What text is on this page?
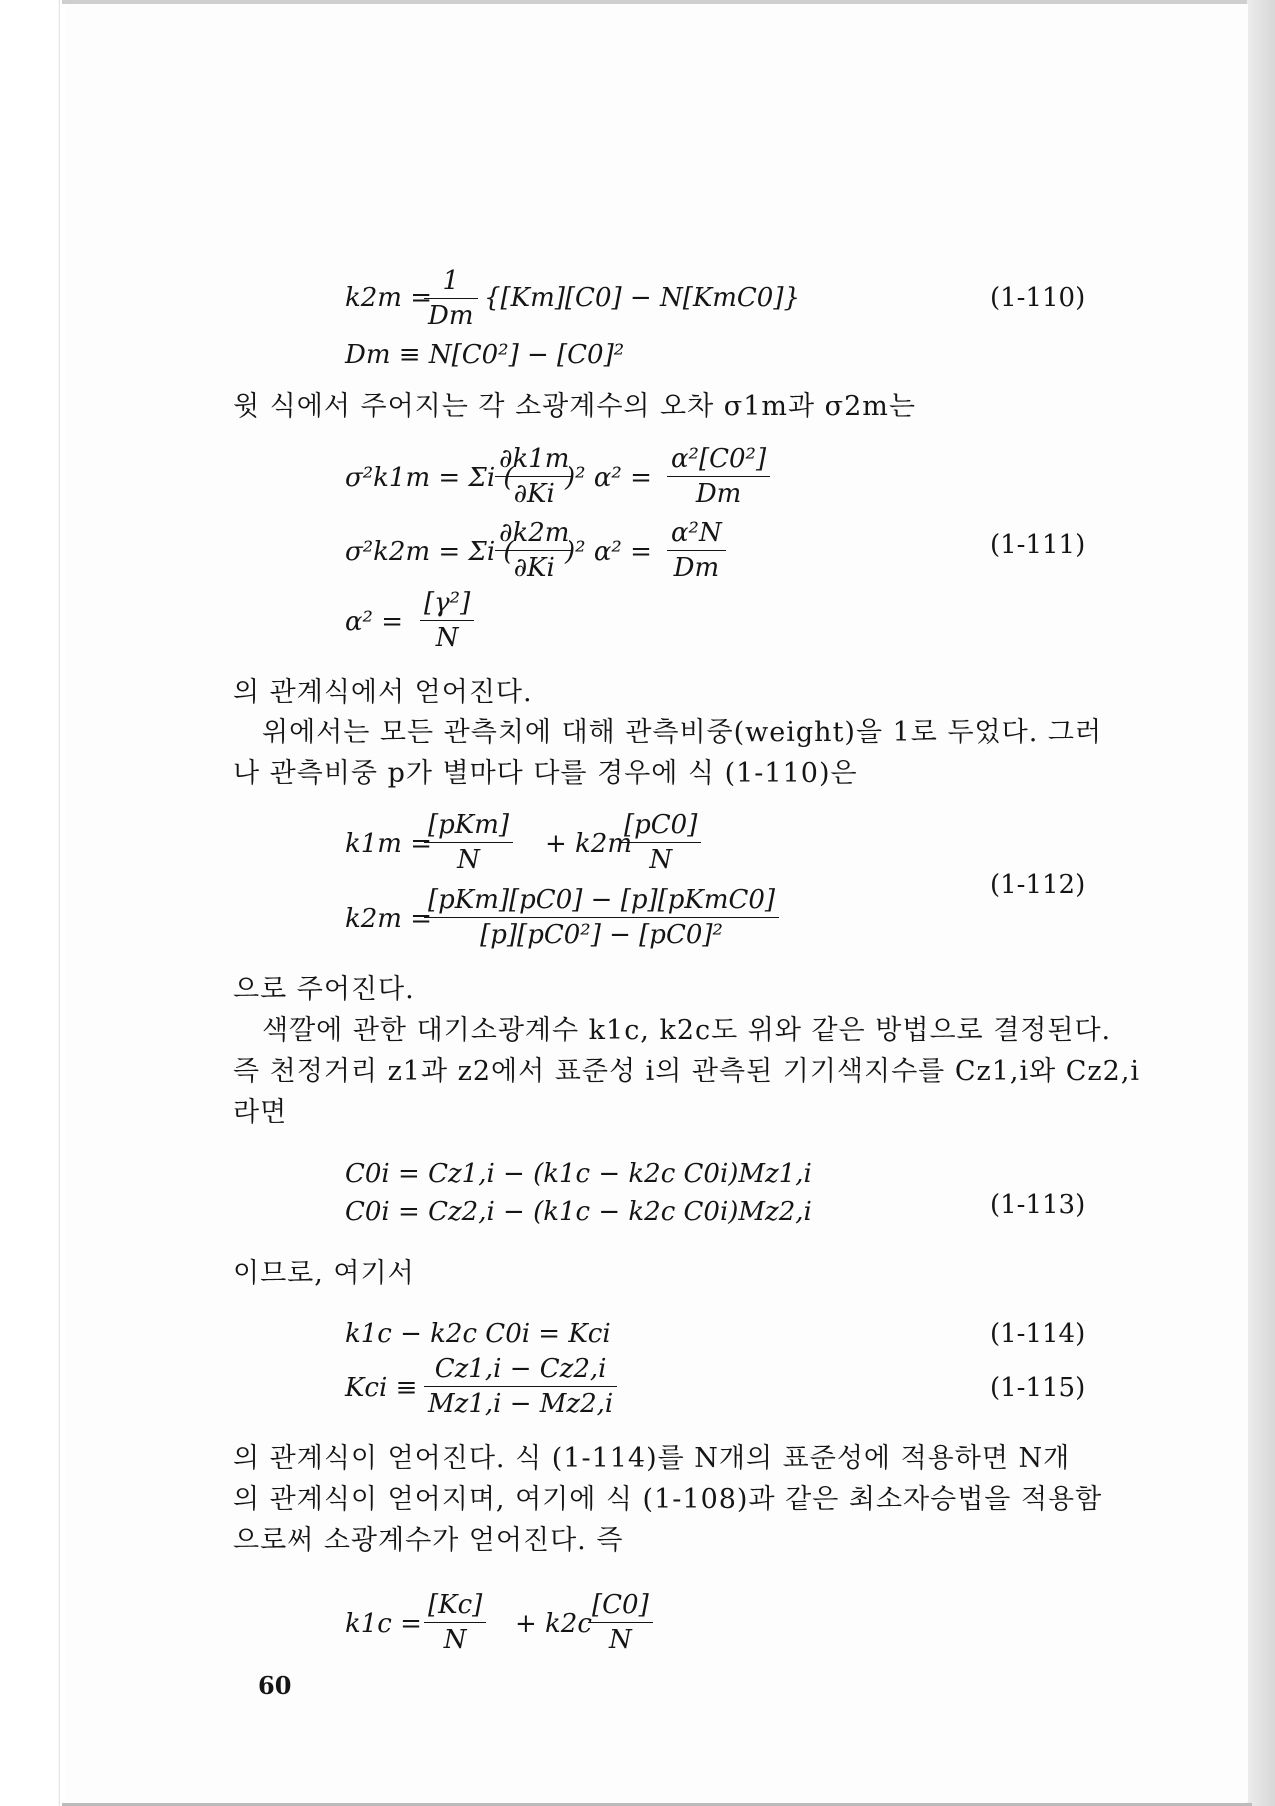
k2m =
$\frac{1}{Dm} \{[Km][C0] - N[KmC0]\}$	(1-110)
Dm ≡ N[C0²] − [C0]²
윗 식에서 주어지는 각 소광계수의 오차 σ1m과 σ2m는
σ²k1m = Σi (
$\frac{\partial k1m}{\partial Ki}$
)² $\alpha^2 = \frac{\text{α²[C0²]}}{Dm}$
σ²k2m = Σi (
$\frac{\partial k2m}{\partial Ki}$
)² $\alpha^2 = \frac{\text{α²N}}{Dm}$	(1-111)
$\alpha^2 = \frac{\text{[γ²]}}{N}$
의 관계식에서 얻어진다.
위에서는 모든 관측치에 대해 관측비중(weight)을 1로 두었다. 그러
나 관측비중 p가 별마다 다를 경우에 식 (1-110)은
k1m =
[pKm]
N
+ k2m
$\frac{[pC0]}{N}$
(1-112)
k2m =
[pKm][pC0] − [p][pKmC0]
[p][pC0²] − [pC0]²
으로 주어진다.
색깔에 관한 대기소광계수 k1c, k2c도 위와 같은 방법으로 결정된다.
즉 천정거리 z1과 z2에서 표준성 i의 관측된 기기색지수를 Cz1,i와 Cz2,i
라면
C0i = Cz1,i − (k1c − k2c C0i)Mz1,i
C0i = Cz2,i − (k1c − k2c C0i)Mz2,i	(1-113)
이므로, 여기서
k1c − k2c C0i = Kci	(1-114)
Kci ≡ $\frac{Cz1,i - Cz2,i}{Mz1,i - Mz2,i}$	(1-115)
의 관계식이 얻어진다. 식 (1-114)를 N개의 표준성에 적용하면 N개
의 관계식이 얻어지며, 여기에 식 (1-108)과 같은 최소자승법을 적용함
으로써 소광계수가 얻어진다. 즉
$k1c = \frac{[Kc]}{N} + k2c$
$\frac{[C0]}{N}$
60
